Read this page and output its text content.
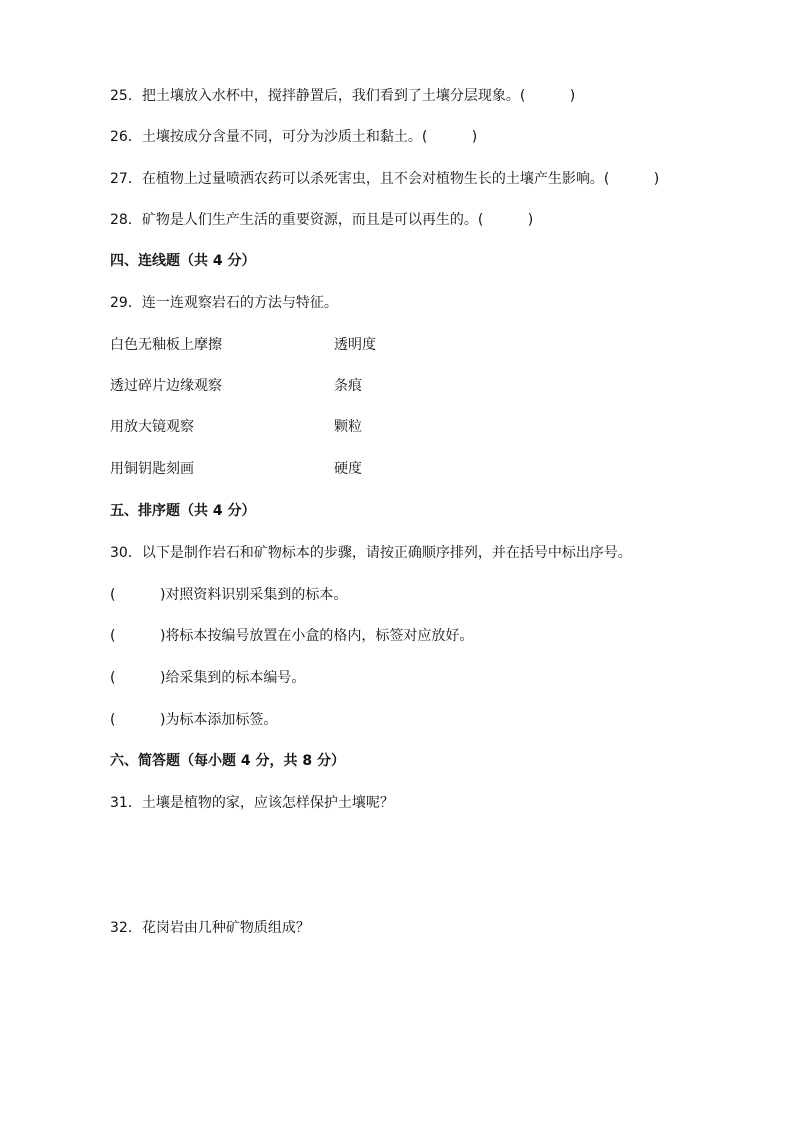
25．把土壤放入水杯中，搅拌静置后，我们看到了土壤分层现象。(          )
26．土壤按成分含量不同，可分为沙质土和黏土。(          )
27．在植物上过量喷洒农药可以杀死害虫，且不会对植物生长的土壤产生影响。(          )
28．矿物是人们生产生活的重要资源，而且是可以再生的。(          )
四、连线题（共 4 分）
29．连一连观察岩石的方法与特征。
白色无釉板上摩擦	透明度
透过碎片边缘观察	条痕
用放大镜观察	颗粒
用铜钥匙刻画	硬度
五、排序题（共 4 分）
30．以下是制作岩石和矿物标本的步骤，请按正确顺序排列，并在括号中标出序号。
(          )对照资料识别采集到的标本。
(          )将标本按编号放置在小盒的格内，标签对应放好。
(          )给采集到的标本编号。
(          )为标本添加标签。
六、简答题（每小题 4 分，共 8 分）
31．土壤是植物的家，应该怎样保护土壤呢？
32．花岗岩由几种矿物质组成？
